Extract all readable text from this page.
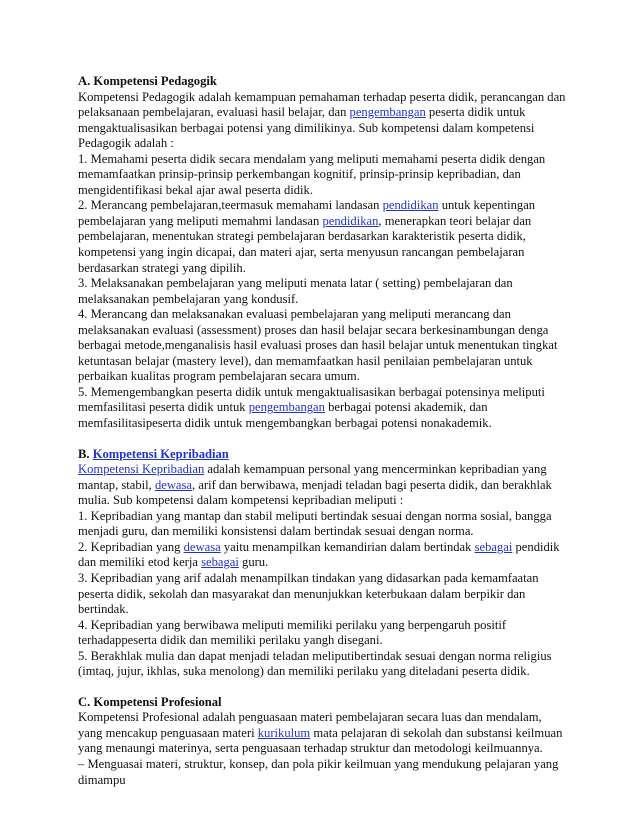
A. Kompetensi Pedagogik

Kompetensi Pedagogik adalah kemampuan pemahaman terhadap peserta didik, perancangan dan pelaksanaan pembelajaran, evaluasi hasil belajar, dan pengembangan peserta didik untuk mengaktualisasikan berbagai potensi yang dimilikinya. Sub kompetensi dalam kompetensi Pedagogik adalah :

1. Memahami peserta didik secara mendalam yang meliputi memahami peserta didik dengan memamfaatkan prinsip-prinsip perkembangan kognitif, prinsip-prinsip kepribadian, dan mengidentifikasi bekal ajar awal peserta didik.

2. Merancang pembelajaran,teermasuk memahami landasan pendidikan untuk kepentingan pembelajaran yang meliputi memahmi landasan pendidikan, menerapkan teori belajar dan pembelajaran, menentukan strategi pembelajaran berdasarkan karakteristik peserta didik, kompetensi yang ingin dicapai, dan materi ajar, serta menyusun rancangan pembelajaran berdasarkan strategi yang dipilih.

3. Melaksanakan pembelajaran yang meliputi menata latar ( setting) pembelajaran dan melaksanakan pembelajaran yang kondusif.

4. Merancang dan melaksanakan evaluasi pembelajaran yang meliputi merancang dan melaksanakan evaluasi (assessment) proses dan hasil belajar secara berkesinambungan denga berbagai metode,menganalisis hasil evaluasi proses dan hasil belajar untuk menentukan tingkat ketuntasan belajar (mastery level), dan memamfaatkan hasil penilaian pembelajaran untuk perbaikan kualitas program pembelajaran secara umum.

5. Memengembangkan peserta didik untuk mengaktualisasikan berbagai potensinya meliputi memfasilitasi peserta didik untuk pengembangan berbagai potensi akademik, dan memfasilitasipeserta didik untuk mengembangkan berbagai potensi nonakademik.

B. Kompetensi Kepribadian

Kompetensi Kepribadian adalah kemampuan personal yang mencerminkan kepribadian yang mantap, stabil, dewasa, arif dan berwibawa, menjadi teladan bagi peserta didik, dan berakhlak mulia. Sub kompetensi dalam kompetensi kepribadian meliputi :

1. Kepribadian yang mantap dan stabil meliputi bertindak sesuai dengan norma sosial, bangga menjadi guru, dan memiliki konsistensi dalam bertindak sesuai dengan norma.

2. Kepribadian yang dewasa yaitu menampilkan kemandirian dalam bertindak sebagai pendidik dan memiliki etod kerja sebagai guru.

3. Kepribadian yang arif adalah menampilkan tindakan yang didasarkan pada kemamfaatan peserta didik, sekolah dan masyarakat dan menunjukkan keterbukaan dalam berpikir dan bertindak.

4. Kepribadian yang berwibawa meliputi memiliki perilaku yang berpengaruh positif terhadappeserta didik dan memiliki perilaku yangh disegani.

5. Berakhlak mulia dan dapat menjadi teladan meliputibertindak sesuai dengan norma religius (imtaq, jujur, ikhlas, suka menolong) dan memiliki perilaku yang diteladani peserta didik.

C. Kompetensi Profesional

Kompetensi Profesional adalah penguasaan materi pembelajaran secara luas dan mendalam, yang mencakup penguasaan materi kurikulum mata pelajaran di sekolah dan substansi keilmuan yang menaungi materinya, serta penguasaan terhadap struktur dan metodologi keilmuannya.

– Menguasai materi, struktur, konsep, dan pola pikir keilmuan yang mendukung pelajaran yang dimampu
